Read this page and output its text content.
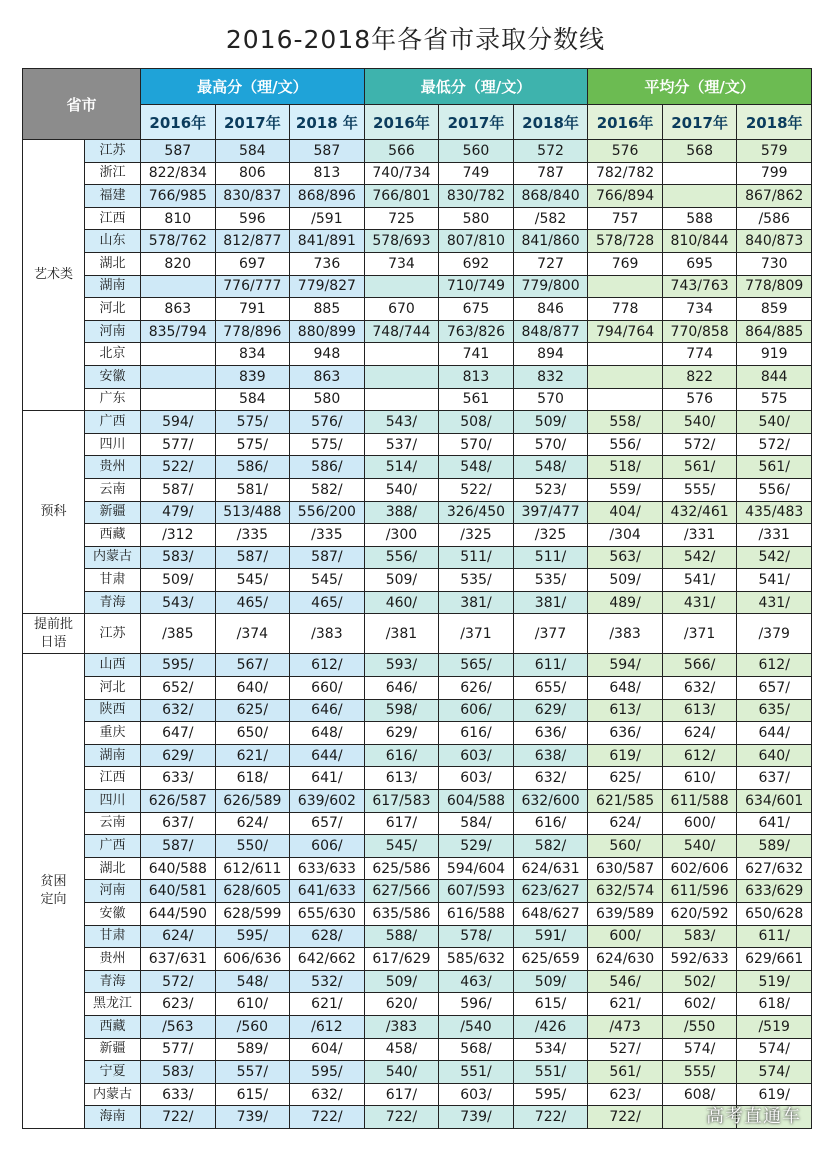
2016-2018年各省市录取分数线
省市		最高分（理/文）			最低分（理/文）			平均分（理/文）		
		2016年	2017年	2018 年	2016年	2017年	2018年	2016年	2017年	2018年
艺术类	江苏	587	584	587	566	560	572	576	568	579
	浙江	822/834	806	813	740/734	749	787	782/782		799
	福建	766/985	830/837	868/896	766/801	830/782	868/840	766/894		867/862
	江西	810	596	/591	725	580	/582	757	588	/586
	山东	578/762	812/877	841/891	578/693	807/810	841/860	578/728	810/844	840/873
	湖北	820	697	736	734	692	727	769	695	730
	湖南		776/777	779/827		710/749	779/800		743/763	778/809
	河北	863	791	885	670	675	846	778	734	859
	河南	835/794	778/896	880/899	748/744	763/826	848/877	794/764	770/858	864/885
	北京		834	948		741	894		774	919
	安徽		839	863		813	832		822	844
	广东		584	580		561	570		576	575
预科	广西	594/	575/	576/	543/	508/	509/	558/	540/	540/
	四川	577/	575/	575/	537/	570/	570/	556/	572/	572/
	贵州	522/	586/	586/	514/	548/	548/	518/	561/	561/
	云南	587/	581/	582/	540/	522/	523/	559/	555/	556/
	新疆	479/	513/488	556/200	388/	326/450	397/477	404/	432/461	435/483
	西藏	/312	/335	/335	/300	/325	/325	/304	/331	/331
	内蒙古	583/	587/	587/	556/	511/	511/	563/	542/	542/
	甘肃	509/	545/	545/	509/	535/	535/	509/	541/	541/
	青海	543/	465/	465/	460/	381/	381/	489/	431/	431/
提前批日语	江苏	/385	/374	/383	/381	/371	/377	/383	/371	/379
贫困定向	山西	595/	567/	612/	593/	565/	611/	594/	566/	612/
	河北	652/	640/	660/	646/	626/	655/	648/	632/	657/
	陕西	632/	625/	646/	598/	606/	629/	613/	613/	635/
	重庆	647/	650/	648/	629/	616/	636/	636/	624/	644/
	湖南	629/	621/	644/	616/	603/	638/	619/	612/	640/
	江西	633/	618/	641/	613/	603/	632/	625/	610/	637/
	四川	626/587	626/589	639/602	617/583	604/588	632/600	621/585	611/588	634/601
	云南	637/	624/	657/	617/	584/	616/	624/	600/	641/
	广西	587/	550/	606/	545/	529/	582/	560/	540/	589/
	湖北	640/588	612/611	633/633	625/586	594/604	624/631	630/587	602/606	627/632
	河南	640/581	628/605	641/633	627/566	607/593	623/627	632/574	611/596	633/629
	安徽	644/590	628/599	655/630	635/586	616/588	648/627	639/589	620/592	650/628
	甘肃	624/	595/	628/	588/	578/	591/	600/	583/	611/
	贵州	637/631	606/636	642/662	617/629	585/632	625/659	624/630	592/633	629/661
	青海	572/	548/	532/	509/	463/	509/	546/	502/	519/
	黑龙江	623/	610/	621/	620/	596/	615/	621/	602/	618/
	西藏	/563	/560	/612	/383	/540	/426	/473	/550	/519
	新疆	577/	589/	604/	458/	568/	534/	527/	574/	574/
	宁夏	583/	557/	595/	540/	551/	551/	561/	555/	574/
	内蒙古	633/	615/	632/	617/	603/	595/	623/	608/	619/
	海南	722/	739/	722/	722/	739/	722/	722/			高考直通车
